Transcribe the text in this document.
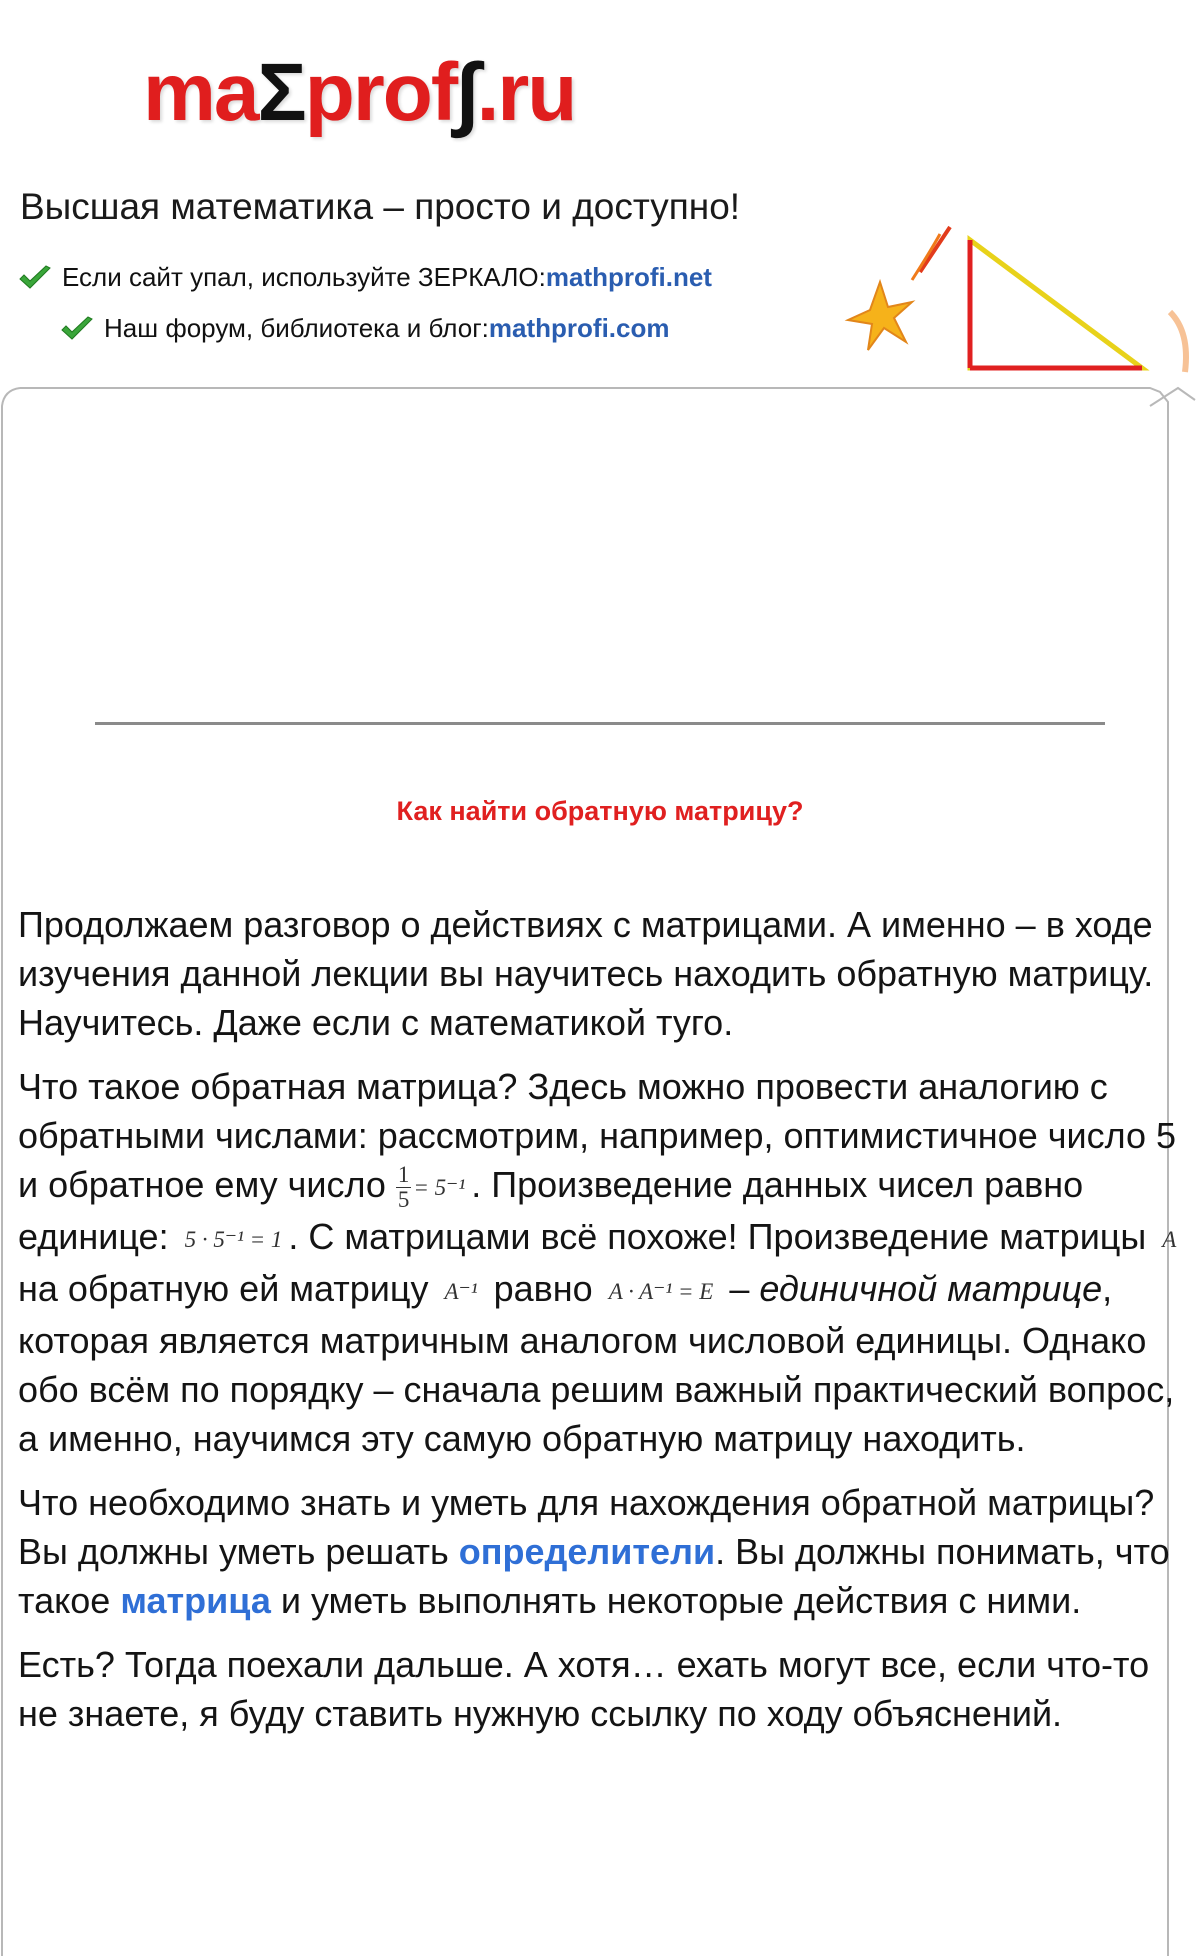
maΣprof∫.ru
Высшая математика – просто и доступно!
Если сайт упал, используйте ЗЕРКАЛО: mathprofi.net
Наш форум, библиотека и блог: mathprofi.com
Как найти обратную матрицу?

Продолжаем разговор о действиях с матрицами. А именно – в ходе изучения данной лекции вы научитесь находить обратную матрицу. Научитесь. Даже если с математикой туго.

Что такое обратная матрица? Здесь можно провести аналогию с обратными числами: рассмотрим, например, оптимистичное число 5 и обратное ему число $\frac{1}{5} = 5^{-1}$ . Произведение данных чисел равно единице: 5 · 5⁻¹ = 1 . С матрицами всё похоже! Произведение матрицы A на обратную ей матрицу A⁻¹ равно A · A⁻¹ = E – единичной матрице, которая является матричным аналогом числовой единицы. Однако обо всём по порядку – сначала решим важный практический вопрос, а именно, научимся эту самую обратную матрицу находить.

Что необходимо знать и уметь для нахождения обратной матрицы? Вы должны уметь решать определители. Вы должны понимать, что такое матрица и уметь выполнять некоторые действия с ними.

Есть? Тогда поехали дальше. А хотя… ехать могут все, если что-то не знаете, я буду ставить нужную ссылку по ходу объяснений.
